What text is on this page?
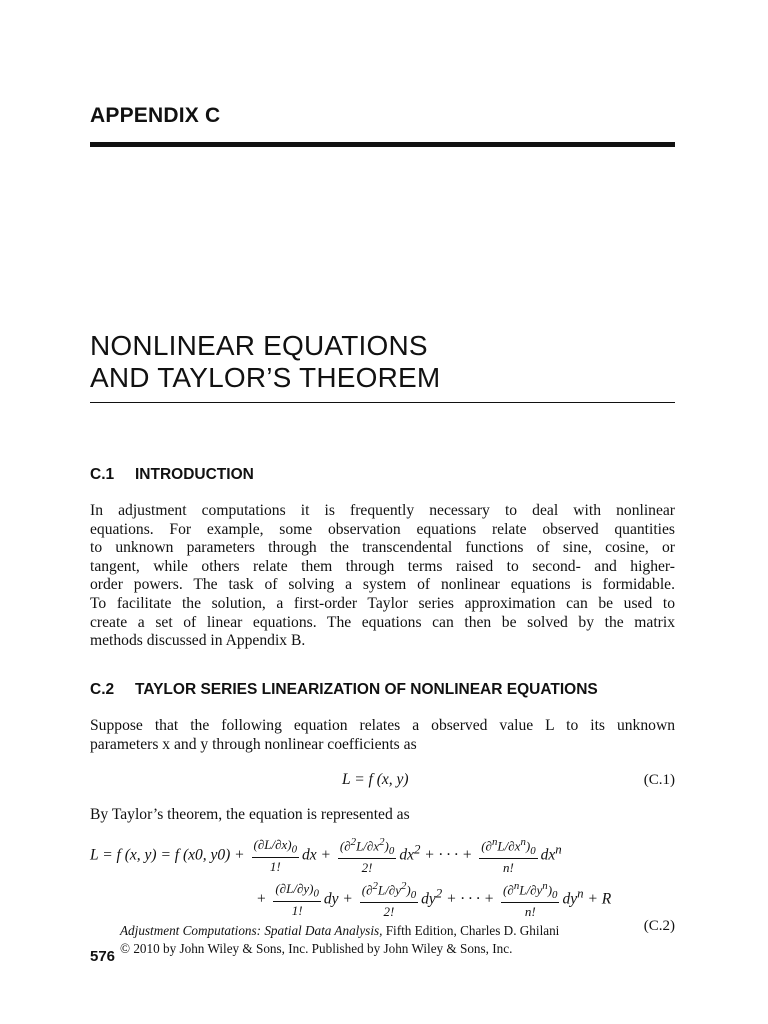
APPENDIX C
NONLINEAR EQUATIONS
AND TAYLOR’S THEOREM
C.1 INTRODUCTION
In adjustment computations it is frequently necessary to deal with nonlinear
equations. For example, some observation equations relate observed quantities
to unknown parameters through the transcendental functions of sine, cosine, or
tangent, while others relate them through terms raised to second- and higher-
order powers. The task of solving a system of nonlinear equations is formidable.
To facilitate the solution, a first-order Taylor series approximation can be used to
create a set of linear equations. The equations can then be solved by the matrix
methods discussed in Appendix B.
C.2 TAYLOR SERIES LINEARIZATION OF NONLINEAR EQUATIONS
Suppose that the following equation relates a observed value L to its unknown
parameters x and y through nonlinear coefficients as
L = f (x, y)	(C.1)
By Taylor’s theorem, the equation is represented as
L = f (x, y) = f (x0, $y0) + \frac{(\partial L/\partial x)_0}{1!}$ dx + $\frac{(\partial^2L/\partial x^2)_0}{2!} dx^2$ + · · · + $\frac{(\partial^nL/\partial x^n)_0}{n!} dx^n$
+ $\frac{(\partial L/\partial y)_0}{1!}$ dy + $\frac{(\partial^2L/\partial y^2)_0}{2!} dy^2$ + · · · + $\frac{(\partial^nL/\partial y^n)_0}{n!} dy^n + R$
(C.2)
Adjustment Computations: Spatial Data Analysis, Fifth Edition, Charles D. Ghilani
© 2010 by John Wiley & Sons, Inc. Published by John Wiley & Sons, Inc.
576
